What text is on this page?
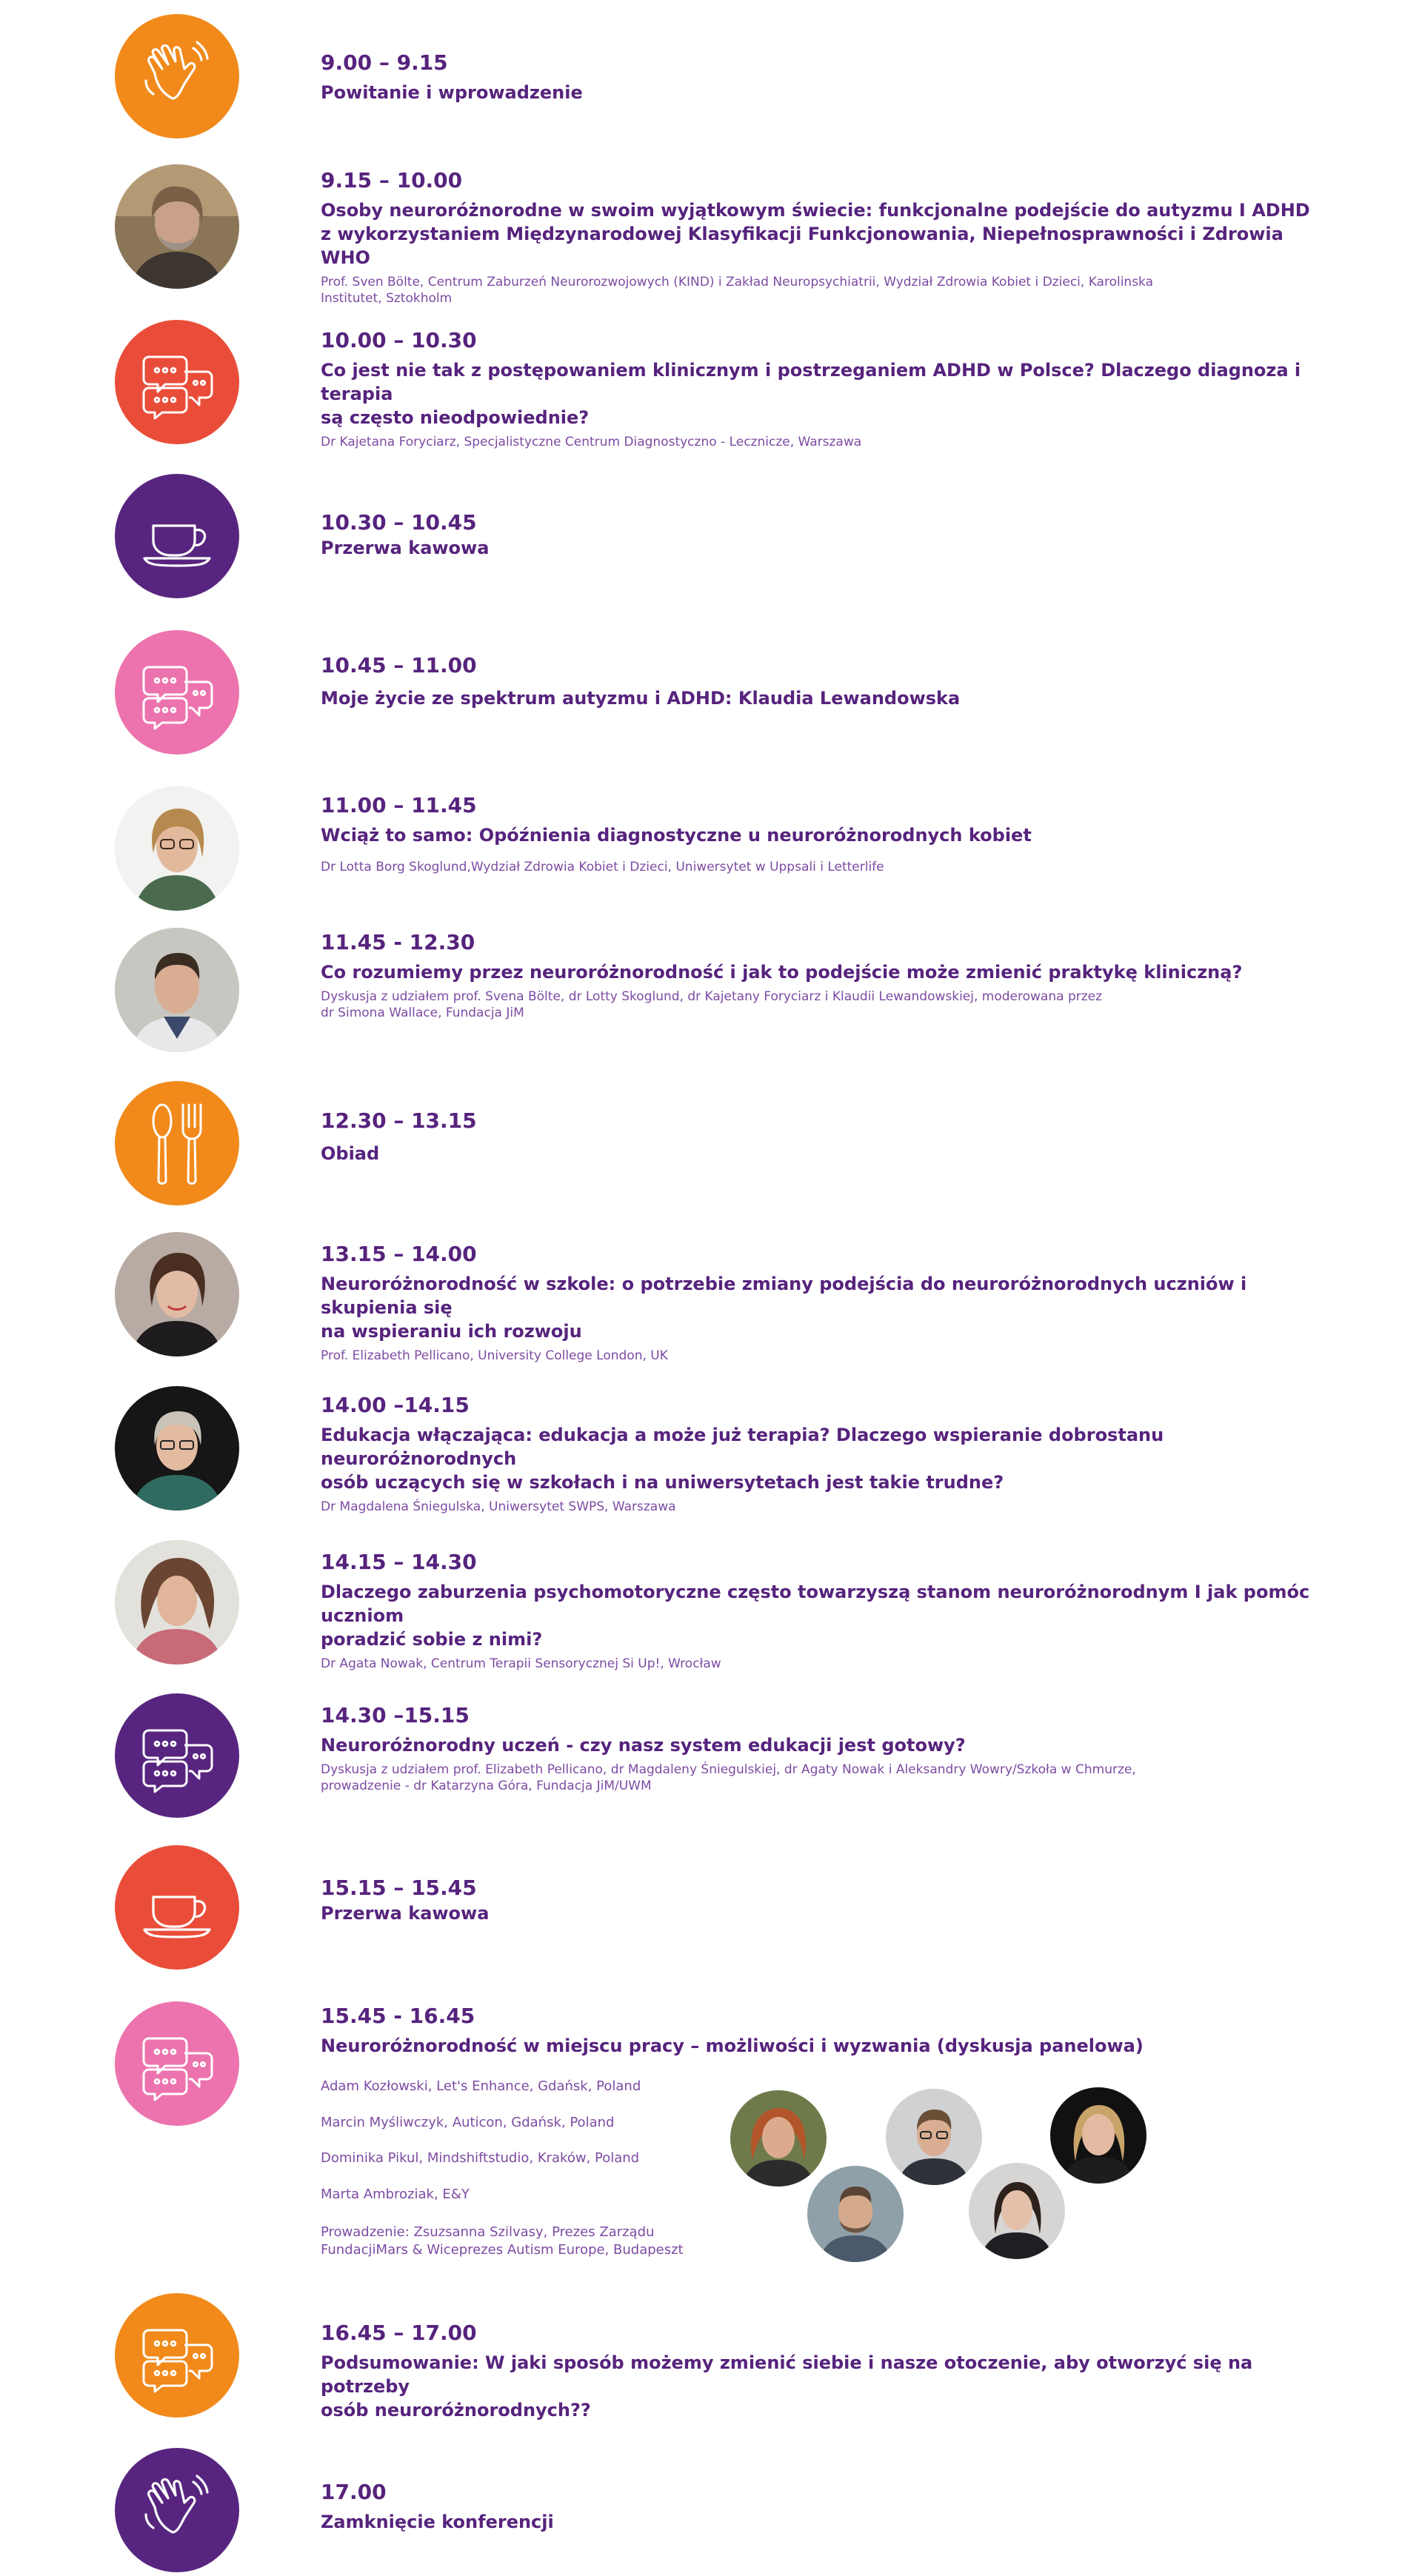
9.00 – 9.15

Powitanie i wprowadzenie

9.15 – 10.00

Osoby neuroróżnorodne w swoim wyjątkowym świecie: funkcjonalne podejście do autyzmu I ADHD

z wykorzystaniem Międzynarodowej Klasyfikacji Funkcjonowania, Niepełnosprawności i Zdrowia WHO

Prof. Sven Bölte, Centrum Zaburzeń Neurorozwojowych (KIND) i Zakład Neuropsychiatrii, Wydział Zdrowia Kobiet i Dzieci, Karolinska

Institutet, Sztokholm

10.00 – 10.30

Co jest nie tak z postępowaniem klinicznym i postrzeganiem ADHD w Polsce? Dlaczego diagnoza i terapia

są często nieodpowiednie?

Dr Kajetana Foryciarz, Specjalistyczne Centrum Diagnostyczno - Lecznicze, Warszawa

10.30 – 10.45

Przerwa kawowa

10.45 – 11.00

Moje życie ze spektrum autyzmu i ADHD: Klaudia Lewandowska

11.00 – 11.45

Wciąż to samo: Opóźnienia diagnostyczne u neuroróżnorodnych kobiet

Dr Lotta Borg Skoglund,Wydział Zdrowia Kobiet i Dzieci, Uniwersytet w Uppsali i Letterlife

11.45 - 12.30

Co rozumiemy przez neuroróżnorodność i jak to podejście może zmienić praktykę kliniczną?

Dyskusja z udziałem prof. Svena Bölte, dr Lotty Skoglund, dr Kajetany Foryciarz i Klaudii Lewandowskiej, moderowana przez

dr Simona Wallace, Fundacja JiM

12.30 – 13.15

Obiad

13.15 – 14.00

Neuroróżnorodność w szkole: o potrzebie zmiany podejścia do neuroróżnorodnych uczniów i skupienia się

na wspieraniu ich rozwoju

Prof. Elizabeth Pellicano, University College London, UK

14.00 –14.15

Edukacja włączająca: edukacja a może już terapia? Dlaczego wspieranie dobrostanu neuroróżnorodnych

osób uczących się w szkołach i na uniwersytetach jest takie trudne?

Dr Magdalena Śniegulska, Uniwersytet SWPS, Warszawa

14.15 – 14.30

Dlaczego zaburzenia psychomotoryczne często towarzyszą stanom neuroróżnorodnym I jak pomóc uczniom

poradzić sobie z nimi?

Dr Agata Nowak, Centrum Terapii Sensorycznej Si Up!, Wrocław

14.30 –15.15

Neuroróżnorodny uczeń - czy nasz system edukacji jest gotowy?

Dyskusja z udziałem prof. Elizabeth Pellicano, dr Magdaleny Śniegulskiej, dr Agaty Nowak i Aleksandry Wowry/Szkoła w Chmurze,

prowadzenie - dr Katarzyna Góra, Fundacja JiM/UWM

15.15 – 15.45

Przerwa kawowa

15.45 - 16.45

Neuroróżnorodność w miejscu pracy – możliwości i wyzwania (dyskusja panelowa)

Adam Kozłowski, Let's Enhance, Gdańsk, Poland
Marcin Myśliwczyk, Auticon, Gdańsk, Poland
Dominika Pikul, Mindshiftstudio, Kraków, Poland
Marta Ambroziak, E&Y
Prowadzenie: Zsuzsanna Szilvasy, Prezes Zarządu
FundacjiMars & Wiceprezes Autism Europe, Budapeszt

16.45 – 17.00

Podsumowanie: W jaki sposób możemy zmienić siebie i nasze otoczenie, aby otworzyć się na potrzeby

osób neuroróżnorodnych??

17.00

Zamknięcie konferencji
